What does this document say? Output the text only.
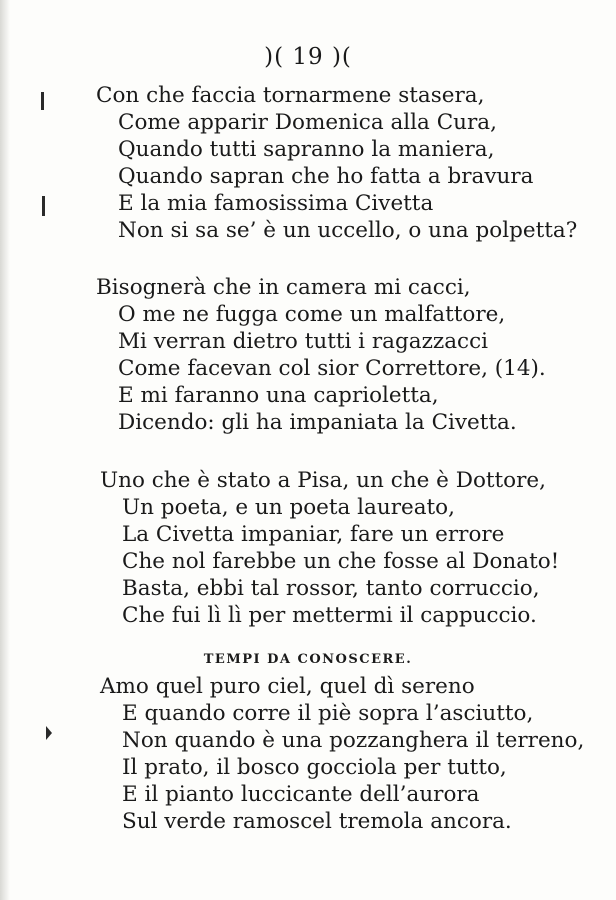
)( 19 )(
Con che faccia tornarmene stasera,
Come apparir Domenica alla Cura,
Quando tutti sapranno la maniera,
Quando sapran che ho fatta a bravura
E la mia famosissima Civetta
Non si sa se’ è un uccello, o una polpetta?
Bisognerà che in camera mi cacci,
O me ne fugga come un malfattore,
Mi verran dietro tutti i ragazzacci
Come facevan col sior Correttore, (14).
E mi faranno una caprioletta,
Dicendo: gli ha impaniata la Civetta.
Uno che è stato a Pisa, un che è Dottore,
Un poeta, e un poeta laureato,
La Civetta impaniar, fare un errore
Che nol farebbe un che fosse al Donato!
Basta, ebbi tal rossor, tanto corruccio,
Che fui lì lì per mettermi il cappuccio.
TEMPI DA CONOSCERE.
Amo quel puro ciel, quel dì sereno
E quando corre il piè sopra l’asciutto,
Non quando è una pozzanghera il terreno,
Il prato, il bosco gocciola per tutto,
E il pianto luccicante dell’aurora
Sul verde ramoscel tremola ancora.
